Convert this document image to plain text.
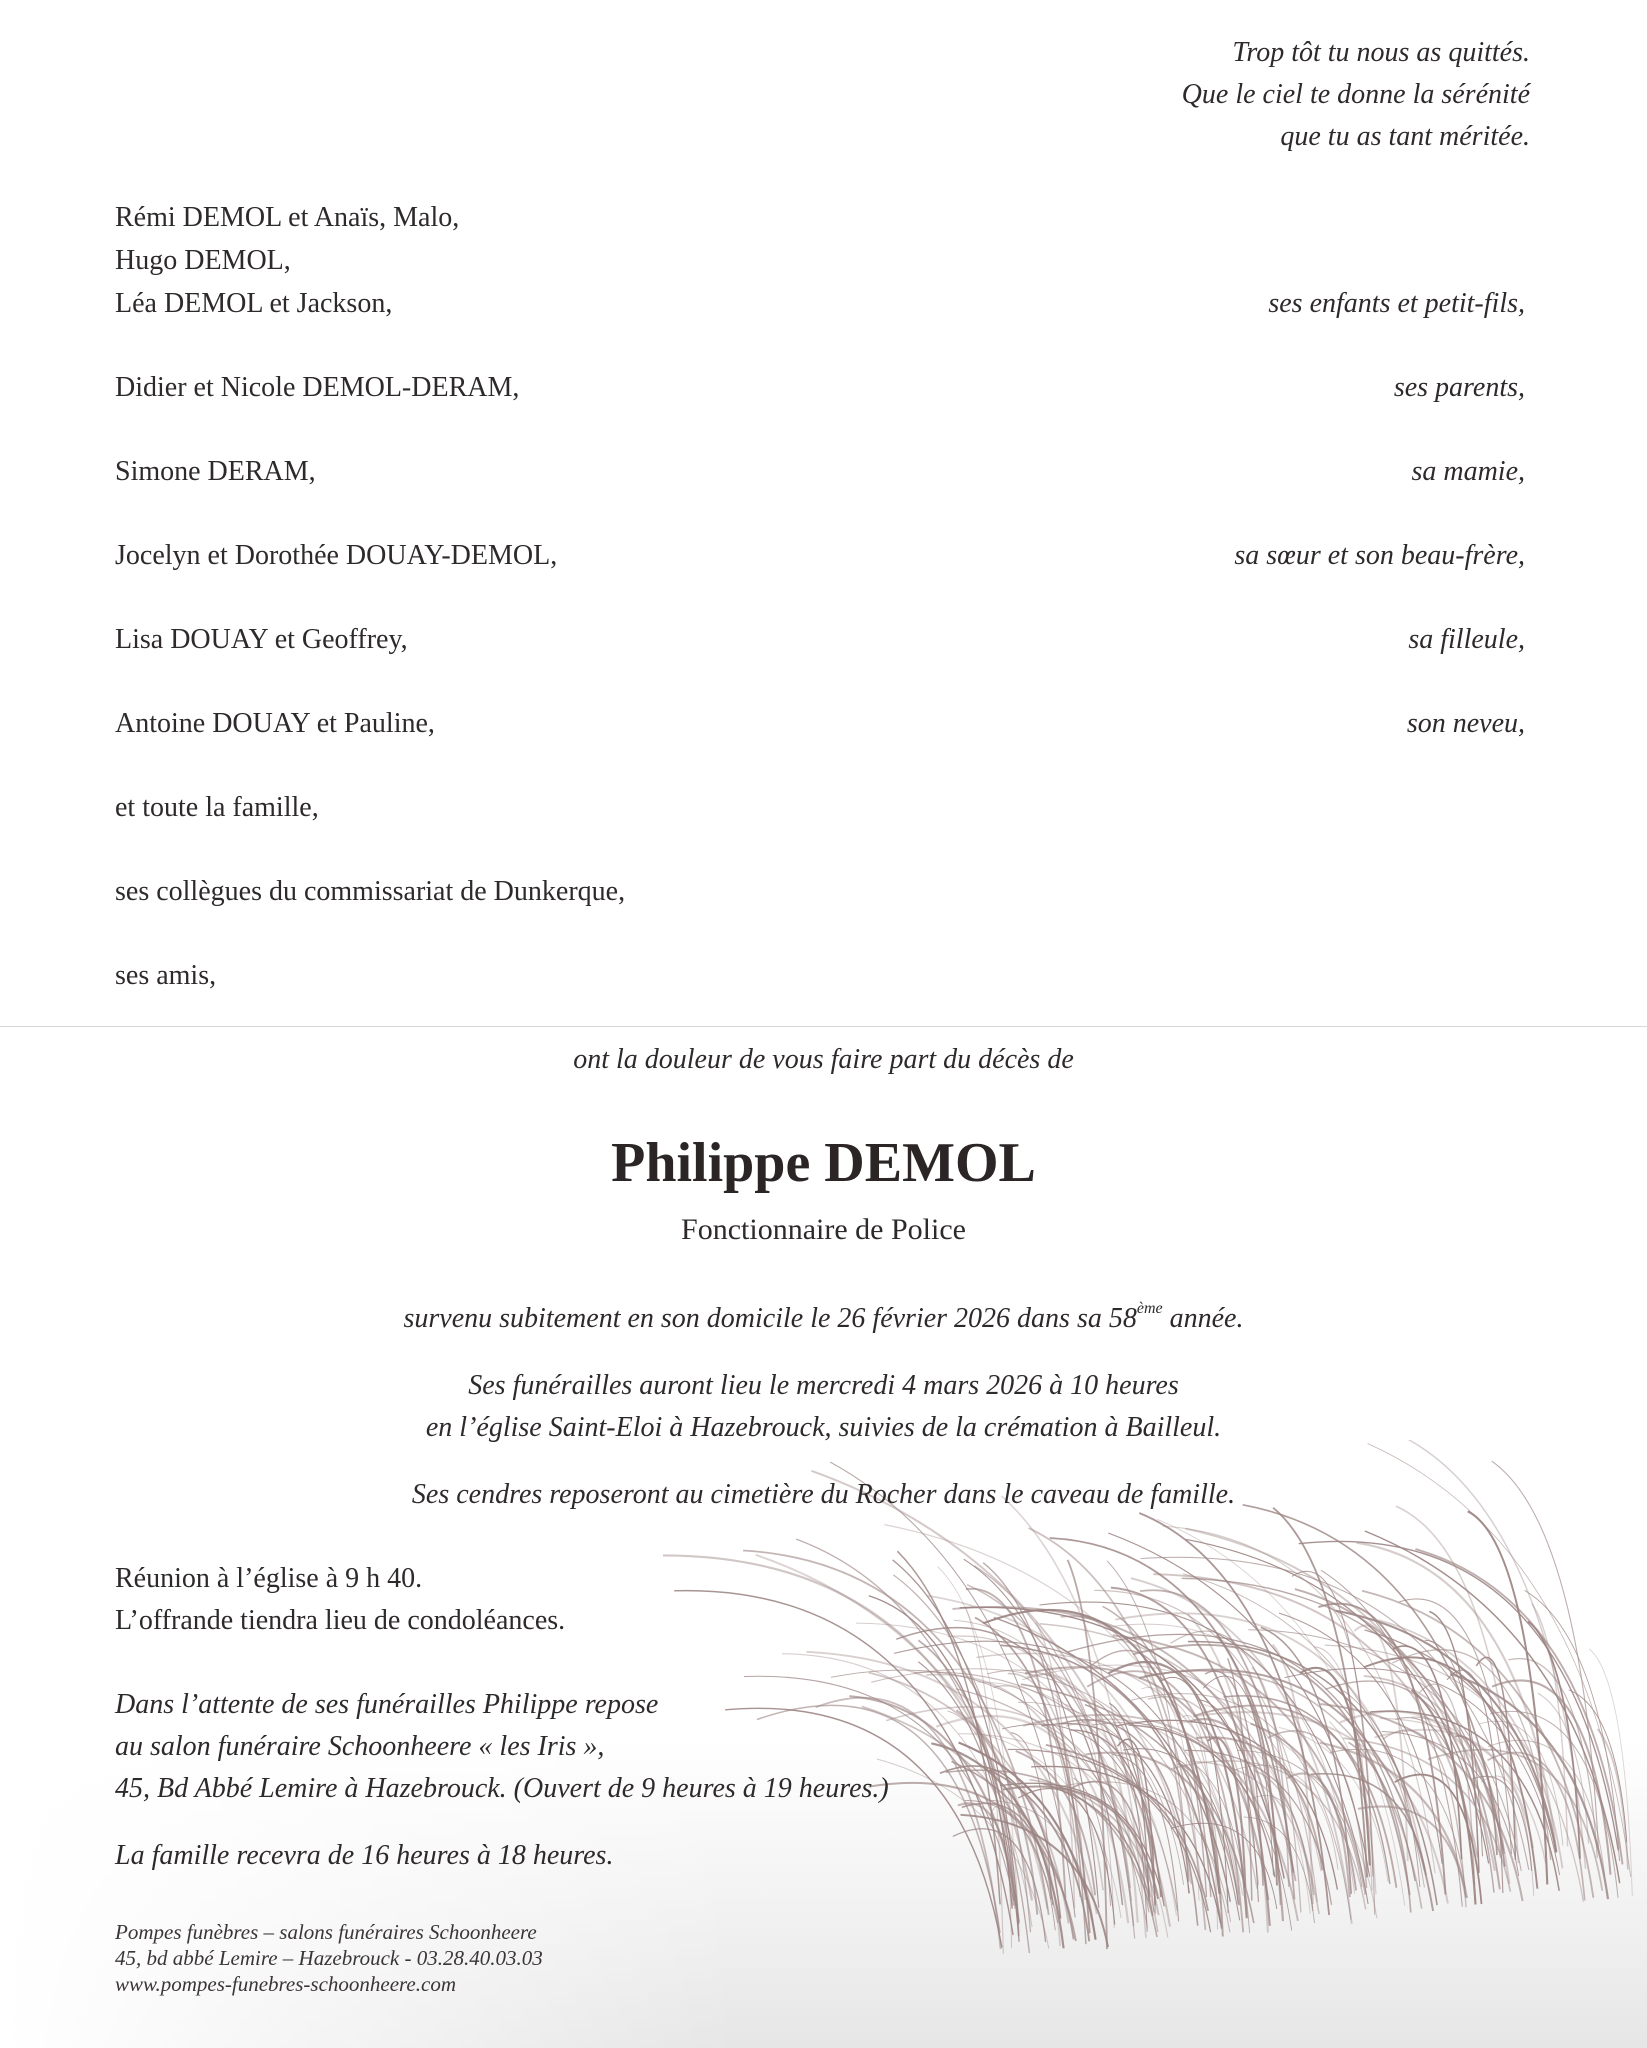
Trop tôt tu nous as quittés.
Que le ciel te donne la sérénité
que tu as tant méritée.
Rémi DEMOL et Anaïs, Malo,
Hugo DEMOL,
Léa DEMOL et Jackson,	ses enfants et petit-fils,
Didier et Nicole DEMOL-DERAM,	ses parents,
Simone DERAM,	sa mamie,
Jocelyn et Dorothée DOUAY-DEMOL,	sa sœur et son beau-frère,
Lisa DOUAY et Geoffrey,	sa filleule,
Antoine DOUAY et Pauline,	son neveu,
et toute la famille,
ses collègues du commissariat de Dunkerque,
ses amis,
ont la douleur de vous faire part du décès de
Philippe DEMOL
Fonctionnaire de Police
survenu subitement en son domicile le 26 février 2026 dans sa 58ème année.
Ses funérailles auront lieu le mercredi 4 mars 2026 à 10 heures
en l’église Saint-Eloi à Hazebrouck, suivies de la crémation à Bailleul.
Ses cendres reposeront au cimetière du Rocher dans le caveau de famille.
Réunion à l’église à 9 h 40.
L’offrande tiendra lieu de condoléances.
Dans l’attente de ses funérailles Philippe repose
au salon funéraire Schoonheere « les Iris »,
45, Bd Abbé Lemire à Hazebrouck. (Ouvert de 9 heures à 19 heures.)
La famille recevra de 16 heures à 18 heures.
Pompes funèbres – salons funéraires Schoonheere
45, bd abbé Lemire – Hazebrouck - 03.28.40.03.03
www.pompes-funebres-schoonheere.com
